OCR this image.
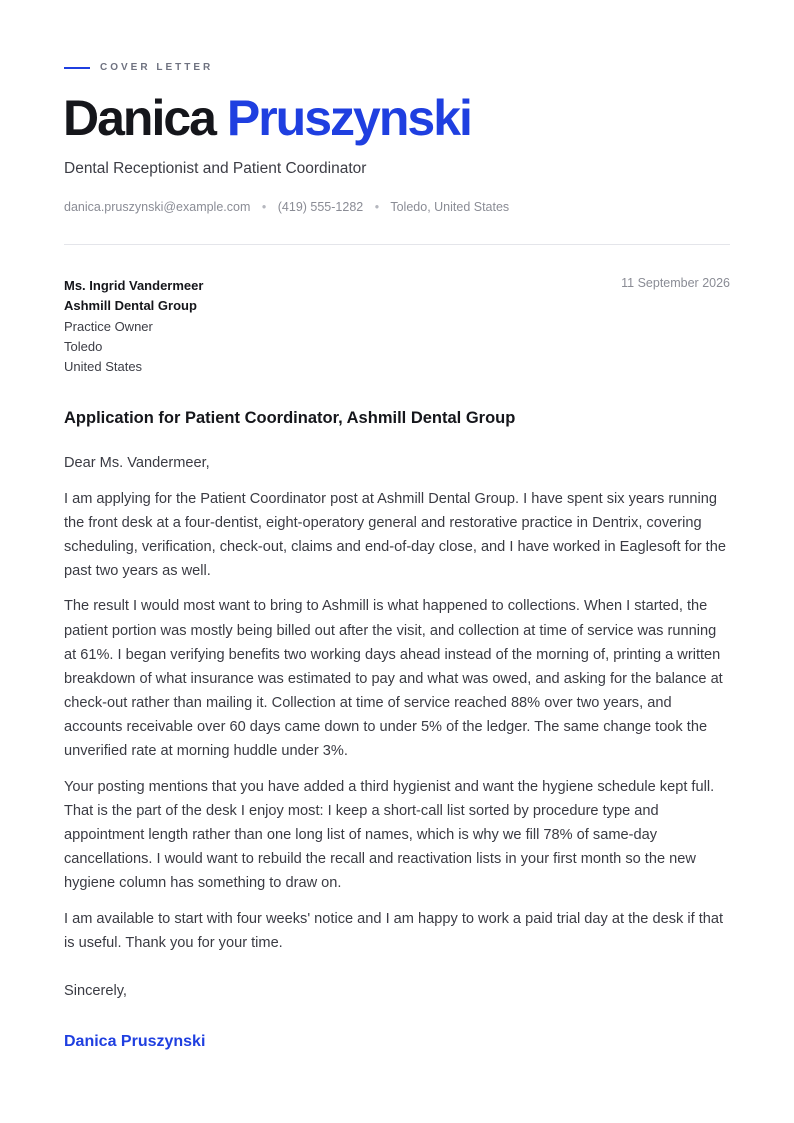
COVER LETTER
Danica Pruszynski
Dental Receptionist and Patient Coordinator
danica.pruszynski@example.com • (419) 555-1282 • Toledo, United States
Ms. Ingrid Vandermeer
Ashmill Dental Group
Practice Owner
Toledo
United States
11 September 2026
Application for Patient Coordinator, Ashmill Dental Group

Dear Ms. Vandermeer,

I am applying for the Patient Coordinator post at Ashmill Dental Group. I have spent six years running the front desk at a four-dentist, eight-operatory general and restorative practice in Dentrix, covering scheduling, verification, check-out, claims and end-of-day close, and I have worked in Eaglesoft for the past two years as well.

The result I would most want to bring to Ashmill is what happened to collections. When I started, the patient portion was mostly being billed out after the visit, and collection at time of service was running at 61%. I began verifying benefits two working days ahead instead of the morning of, printing a written breakdown of what insurance was estimated to pay and what was owed, and asking for the balance at check-out rather than mailing it. Collection at time of service reached 88% over two years, and accounts receivable over 60 days came down to under 5% of the ledger. The same change took the unverified rate at morning huddle under 3%.

Your posting mentions that you have added a third hygienist and want the hygiene schedule kept full. That is the part of the desk I enjoy most: I keep a short-call list sorted by procedure type and appointment length rather than one long list of names, which is why we fill 78% of same-day cancellations. I would want to rebuild the recall and reactivation lists in your first month so the new hygiene column has something to draw on.

I am available to start with four weeks' notice and I am happy to work a paid trial day at the desk if that is useful. Thank you for your time.

Sincerely,
Danica Pruszynski
